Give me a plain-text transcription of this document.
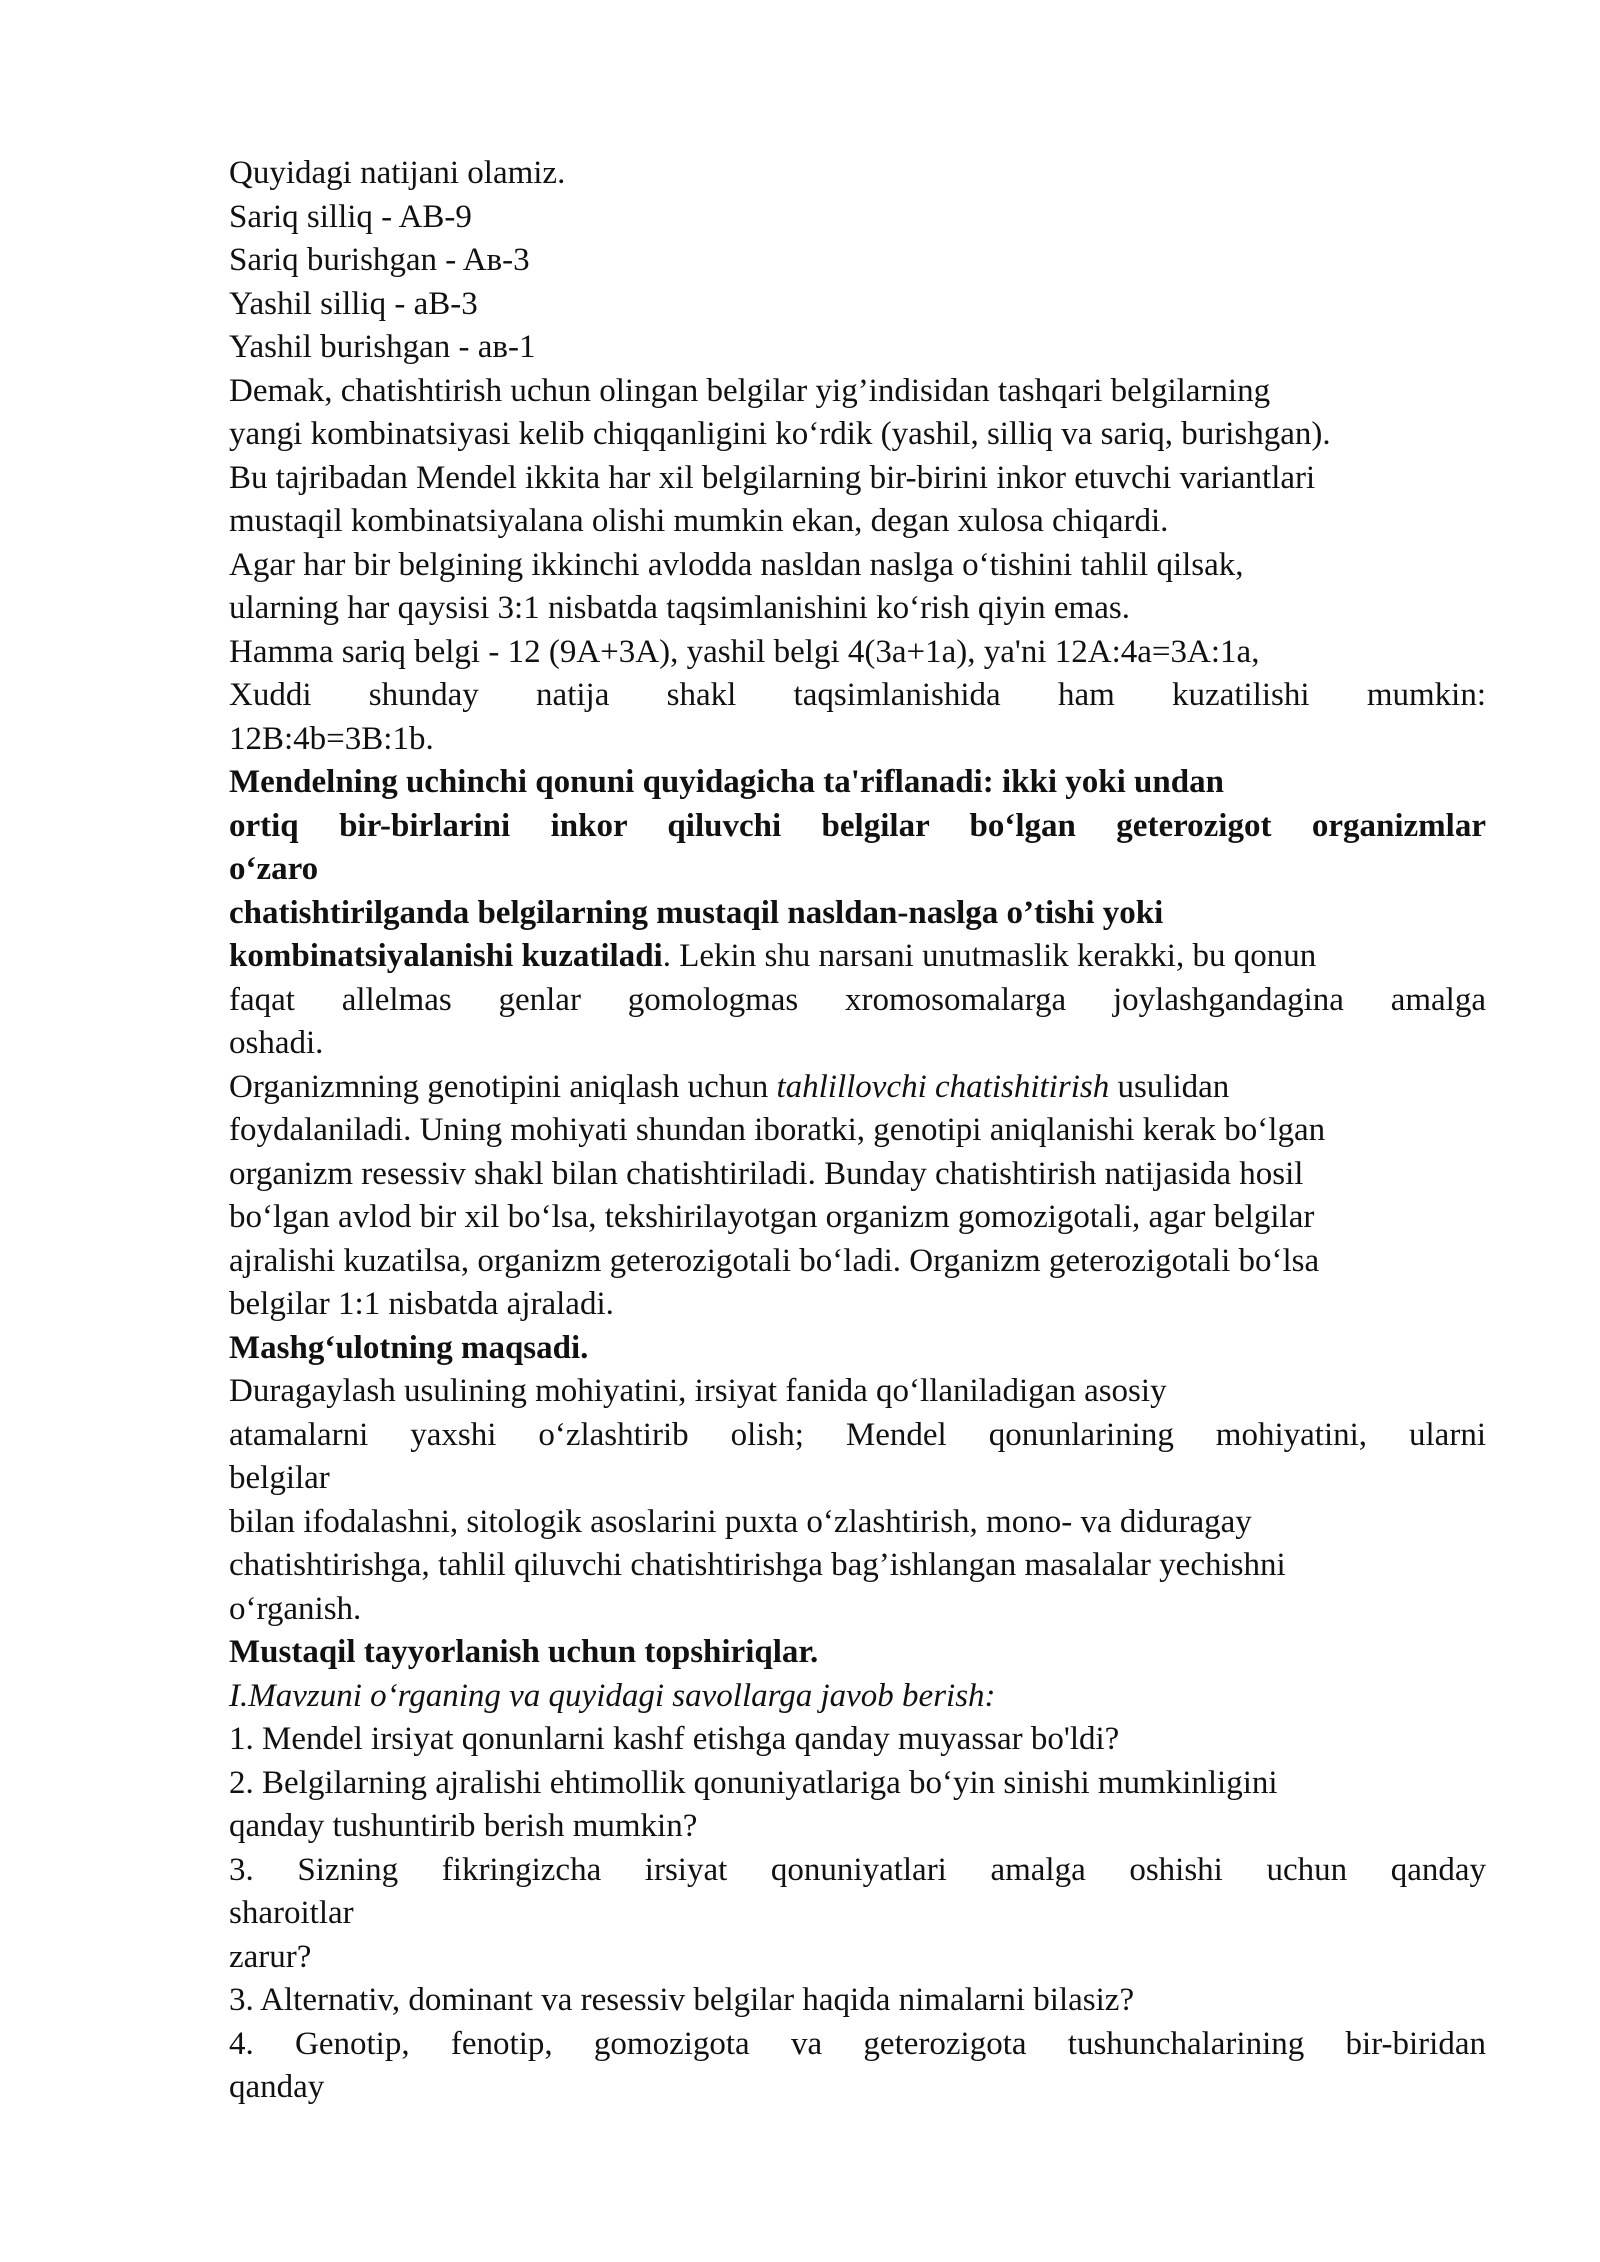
Quyidagi natijani olamiz.
Sariq silliq - AB-9
Sariq burishgan - Aв-3
Yashil silliq - aB-3
Yashil burishgan - aв-1
Demak, chatishtirish uchun olingan belgilar yig’indisidan tashqari belgilarning
yangi kombinatsiyasi kelib chiqqanligini koʻrdik (yashil, silliq va sariq, burishgan).
Bu tajribadan Mendel ikkita har xil belgilarning bir-birini inkor etuvchi variantlari
mustaqil kombinatsiyalana olishi mumkin ekan, degan xulosa chiqardi.
Agar har bir belgining ikkinchi avlodda nasldan naslga oʻtishini tahlil qilsak,
ularning har qaysisi 3:1 nisbatda taqsimlanishini koʻrish qiyin emas.
Hamma sariq belgi - 12 (9A+3A), yashil belgi 4(3a+1a), ya'ni 12A:4a=3A:1a,
Xuddi shunday natija shakl taqsimlanishida ham kuzatilishi mumkin:
12B:4b=3B:1b.
Mendelning uchinchi qonuni quyidagicha ta'riflanadi: ikki yoki undan
ortiq bir-birlarini inkor qiluvchi belgilar boʻlgan geterozigot organizmlar
oʻzaro
chatishtirilganda belgilarning mustaqil nasldan-naslga o’tishi yoki
kombinatsiyalanishi kuzatiladi. Lekin shu narsani unutmaslik kerakki, bu qonun
faqat allelmas genlar gomologmas xromosomalarga joylashgandagina amalga
oshadi.
Organizmning genotipini aniqlash uchun tahlillovchi chatishitirish usulidan
foydalaniladi. Uning mohiyati shundan iboratki, genotipi aniqlanishi kerak boʻlgan
organizm resessiv shakl bilan chatishtiriladi. Bunday chatishtirish natijasida hosil
boʻlgan avlod bir xil boʻlsa, tekshirilayotgan organizm gomozigotali, agar belgilar
ajralishi kuzatilsa, organizm geterozigotali boʻladi. Organizm geterozigotali boʻlsa
belgilar 1:1 nisbatda ajraladi.
Mashgʻulotning maqsadi.
Duragaylash usulining mohiyatini, irsiyat fanida qoʻllaniladigan asosiy
atamalarni yaxshi oʻzlashtirib olish; Mendel qonunlarining mohiyatini, ularni
belgilar
bilan ifodalashni, sitologik asoslarini puxta oʻzlashtirish, mono- va diduragay
chatishtirishga, tahlil qiluvchi chatishtirishga bag’ishlangan masalalar yechishni
oʻrganish.
Mustaqil tayyorlanish uchun topshiriqlar.
I.Mavzuni oʻrganing va quyidagi savollarga javob berish:
1. Mendel irsiyat qonunlarni kashf etishga qanday muyassar bo'ldi?
2. Belgilarning ajralishi ehtimollik qonuniyatlariga boʻyin sinishi mumkinligini
qanday tushuntirib berish mumkin?
3. Sizning fikringizcha irsiyat qonuniyatlari amalga oshishi uchun qanday
sharoitlar
zarur?
3. Alternativ, dominant va resessiv belgilar haqida nimalarni bilasiz?
4. Genotip, fenotip, gomozigota va geterozigota tushunchalarining bir-biridan
qanday
